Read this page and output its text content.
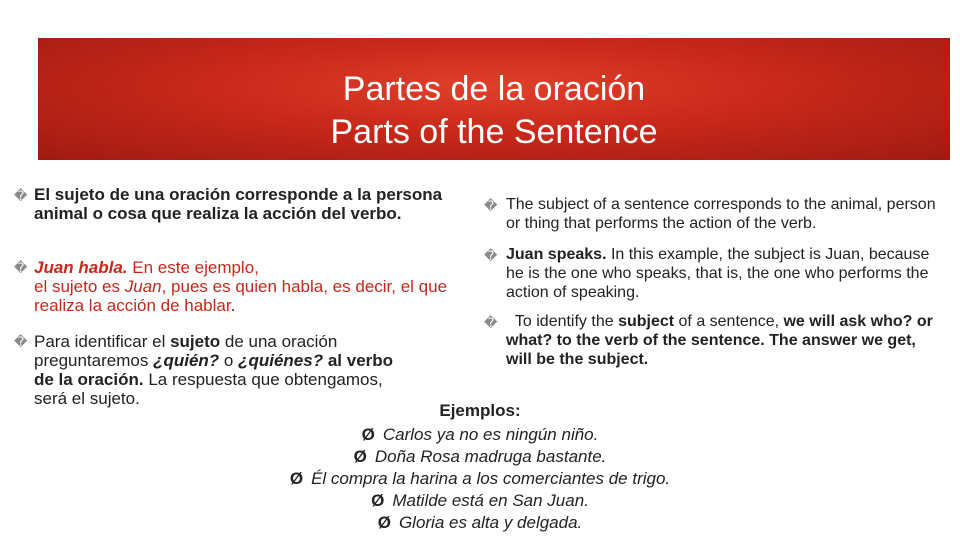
Partes de la oración
Parts of the Sentence
� El sujeto de una oración corresponde a la persona animal o cosa que realiza la acción del verbo.
� Juan habla. En este ejemplo,
el sujeto es Juan, pues es quien habla, es decir, el que realiza la acción de hablar.
� Para identificar el sujeto de una oración
preguntaremos ¿quién? o ¿quiénes? al verbo
de la oración. La respuesta que obtengamos,
será el sujeto.
� The subject of a sentence corresponds to the animal, person or thing that performs the action of the verb.
� Juan speaks. In this example, the subject is Juan, because he is the one who speaks, that is, the one who performs the action of speaking.
�	To identify the subject of a sentence, we will ask who? or what? to the verb of the sentence. The answer we get, will be the subject.
Ejemplos:
Ø Carlos ya no es ningún niño.
Ø Doña Rosa madruga bastante.
Ø Él compra la harina a los comerciantes de trigo.
Ø Matilde está en San Juan.
Ø Gloria es alta y delgada.
